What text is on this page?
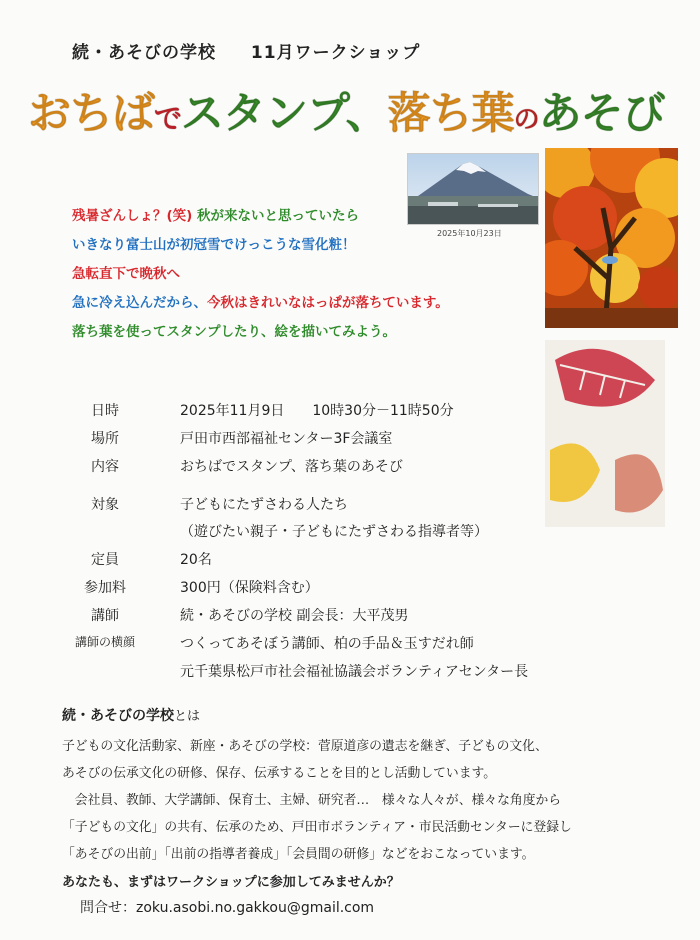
続・あそびの学校 11月ワークショップ
おちばでスタンプ、落ち葉のあそび
2025年10月23日
残暑ざんしょ？(笑) 秋が来ないと思っていたら
いきなり富士山が初冠雪でけっこうな雪化粧！
急転直下で晩秋へ
急に冷え込んだから、今秋はきれいなはっぱが落ちています。
落ち葉を使ってスタンプしたり、絵を描いてみよう。
日時	2025年11月9日　　10時30分－11時50分
場所	戸田市西部福祉センター3F会議室
内容	おちばでスタンプ、落ち葉のあそび
対象	子どもにたずさわる人たち
（遊びたい親子・子どもにたずさわる指導者等）
定員	20名
参加料	300円（保険料含む）
講師	続・あそびの学校 副会長：大平茂男
講師の横顔	つくってあそぼう講師、柏の手品＆玉すだれ師
元千葉県松戸市社会福祉協議会ボランティアセンター長
続・あそびの学校とは
子どもの文化活動家、新座・あそびの学校：菅原道彦の遺志を継ぎ、子どもの文化、
あそびの伝承文化の研修、保存、伝承することを目的とし活動しています。
　会社員、教師、大学講師、保育士、主婦、研究者…　様々な人々が、様々な角度から
「子どもの文化」の共有、伝承のため、戸田市ボランティア・市民活動センターに登録し
「あそびの出前」「出前の指導者養成」「会員間の研修」などをおこなっています。
あなたも、まずはワークショップに参加してみませんか？
問合せ：zoku.asobi.no.gakkou@gmail.com
